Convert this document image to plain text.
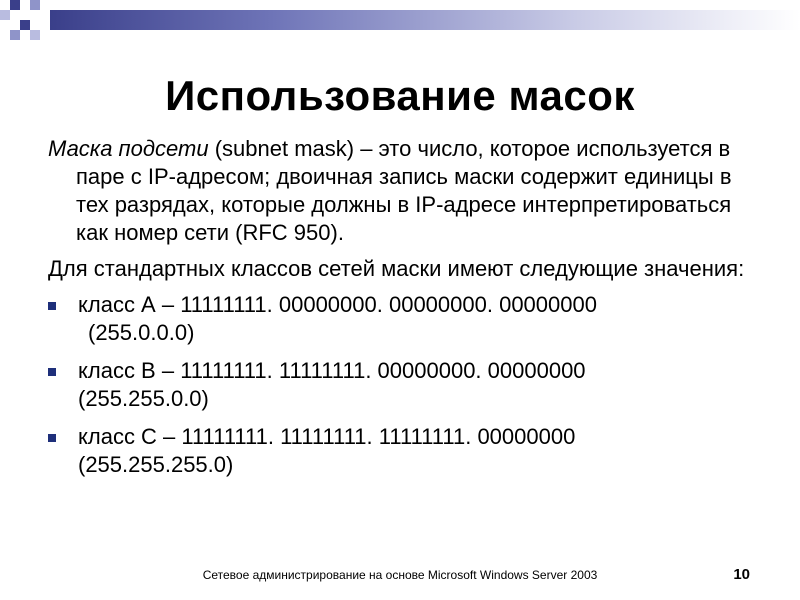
Использование масок

Маска подсети (subnet mask) – это число, которое используется в паре с IP-адресом; двоичная запись маски содержит единицы в тех разрядах, которые должны в IP-адресе интерпретироваться как номер сети (RFC 950).

Для стандартных классов сетей маски имеют следующие значения:

класс А – 11111111. 00000000. 00000000. 00000000
(255.0.0.0)
класс В – 11111111. 11111111. 00000000. 00000000
(255.255.0.0)
класс С – 11111111. 11111111. 11111111. 00000000
(255.255.255.0)
Сетевое администрирование на основе Microsoft Windows Server 2003	10
